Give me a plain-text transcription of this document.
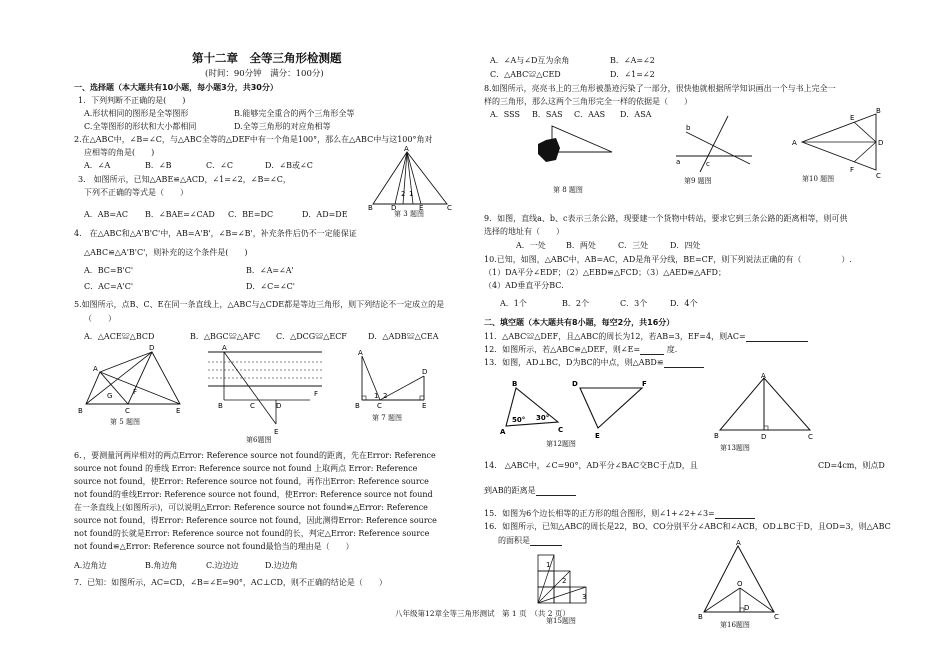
第十二章　全等三角形检测题
(时间：90分钟　满分：100分)
一、选择题（本大题共有10小题，每小题3分，共30分）
1．下列判断不正确的是(　　)
A.形状相同的图形是全等图形	B.能够完全重合的两个三角形全等
C.全等图形的形状和大小都相同	D.全等三角形的对应角相等
2.在△ABC中，∠B=∠C，与△ABC全等的△DEF中有一个角是100°，那么在△ABC中与这100°角对
应相等的角是(　　)
A．∠A	B．∠B	C．∠C	D．∠B或∠C
3.　如图所示，已知△ABE≌△ACD，∠1=∠2，∠B=∠C，
下列不正确的等式是（　　）
A．AB=AC B．∠BAE=∠CAD C．BE=DC	D．AD=DE
A
B	D	E	C
2 1
第 3 题图
4.　在△ABC和△A'B'C'中，AB=A'B'，∠B=∠B'，补充条件后仍不一定能保证
△ABC≌△A'B'C'，则补充的这个条件是(　　)
A．BC=B'C'	B．∠A=∠A'
C．AC=A'C'	D．∠C=∠C'
5.如图所示，点B、C、E在同一条直线上，△ABC与△CDE都是等边三角形，则下列结论不一定成立的是
（　　）
A．△ACE≌△BCD	B．△BGC≌△AFC C．△DCG≌△ECF	D．△ADB≌△CEA
B	C	E
A
D
G	F
第 5 题图
A
B	C	D
E
F
第6题图
A
B C	E
D
1 2
第 7 题图
6．，要测量河两岸相对的两点Error: Reference source not found的距离，先在Error: Reference
source not found 的垂线 Error: Reference source not found 上取两点 Error: Reference
source not found，使Error: Reference source not found，再作出Error: Reference source
not found的垂线Error: Reference source not found，使Error: Reference source not found
在一条直线上(如图所示)，可以说明△Error: Reference source not found≌△Error: Reference
source not found，得Error: Reference source not found，因此测得Error: Reference source
not found的长就是Error: Reference source not found的长，判定△Error: Reference source
not found≌△Error: Reference source not found最恰当的理由是（　　）
A.边角边	B.角边角	C.边边边	D.边边角
7．已知：如图所示，AC=CD，∠B=∠E=90°，AC⊥CD，则不正确的结论是（　　）
A．∠A与∠D互为余角	B．∠A=∠2
C．△ABC≌△CED	D．∠1=∠2
8.如图所示，亮亮书上的三角形被墨迹污染了一部分，很快他就根据所学知识画出一个与书上完全一
样的三角形，那么这两个三角形完全一样的依据是（　　）
A．SSS B．SAS C．AAS D．ASA
第 8 题图
a
b
c
第9 题图
A
B
C
D
E
F
第10 题图
9．如图，直线a、b、c表示三条公路，现要建一个货物中转站，要求它到三条公路的距离相等，则可供
选择的地址有（　　）
A．一处	B．两处	C．三处	D．四处
10.已知，如图，△ABC中，AB=AC，AD是角平分线，BE=CF，则下列说法正确的有（　　　　　）.
（1）DA平分∠EDF；（2）△EBD≌△FCD；（3）△AED≌△AFD；
（4）AD垂直平分BC.
A．1个	B．2个	C．3个	D．4个
二、填空题（本大题共有8小题，每空2分，共16分）
11．△ABC≌△DEF，且△ABC的周长为12，若AB=3，EF=4，则AC=
12．如图所示，若△ABC≌△DEF，则∠E=	度.
13．如图，AD⊥BC，D为BC的中点，则△ABD≌
B
A	C
50° 30°
D	F
E
第12题图
A
B	D	C
第13题图
14.　△ABC中，∠C=90°，AD平分∠BAC交BC于点D，且	CD=4cm，则点D
到AB的距离是
15．如图为6个边长相等的正方形的组合图形，则∠1+∠2+∠3=
16．如图所示，已知△ABC的周长是22，BO、CO分别平分∠ABC和∠ACB，OD⊥BC于D，且OD=3，则△ABC
的面积是
1
2
3
第15题图
A
B
O
D
C
第16题图
八年级第12章全等三角形测试　第 1 页　（共 2 页）
